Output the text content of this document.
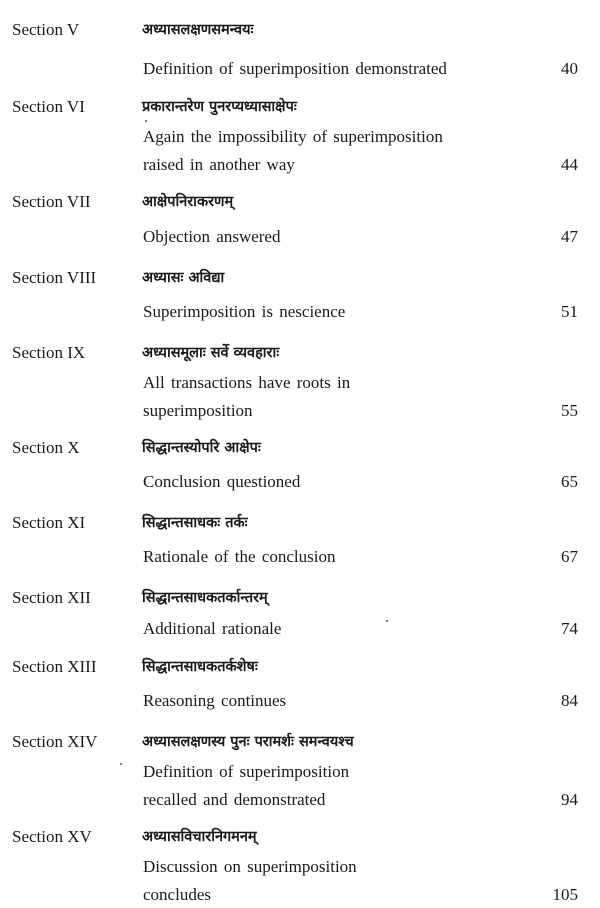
Section V	अध्यासलक्षणसमन्वयः
Definition of superimposition demonstrated	40
Section VI	प्रकारान्तरेण पुनरप्यध्यासाक्षेपः
Again the impossibility of superimposition
raised in another way	44
Section VII	आक्षेपनिराकरणम्
Objection answered	47
Section VIII	अध्यासः अविद्या
Superimposition is nescience	51
Section IX	अध्यासमूलाः सर्वे व्यवहाराः
All transactions have roots in
superimposition	55
Section X	सिद्धान्तस्योपरि आक्षेपः
Conclusion questioned	65
Section XI	सिद्धान्तसाधकः तर्कः
Rationale of the conclusion	67
Section XII	सिद्धान्तसाधकतर्कान्तरम्
Additional rationale	74
Section XIII	सिद्धान्तसाधकतर्कशेषः
Reasoning continues	84
Section XIV	अध्यासलक्षणस्य पुनः परामर्शः समन्वयश्च
Definition of superimposition
recalled and demonstrated	94
Section XV	अध्यासविचारनिगमनम्
Discussion on superimposition
concludes	105
